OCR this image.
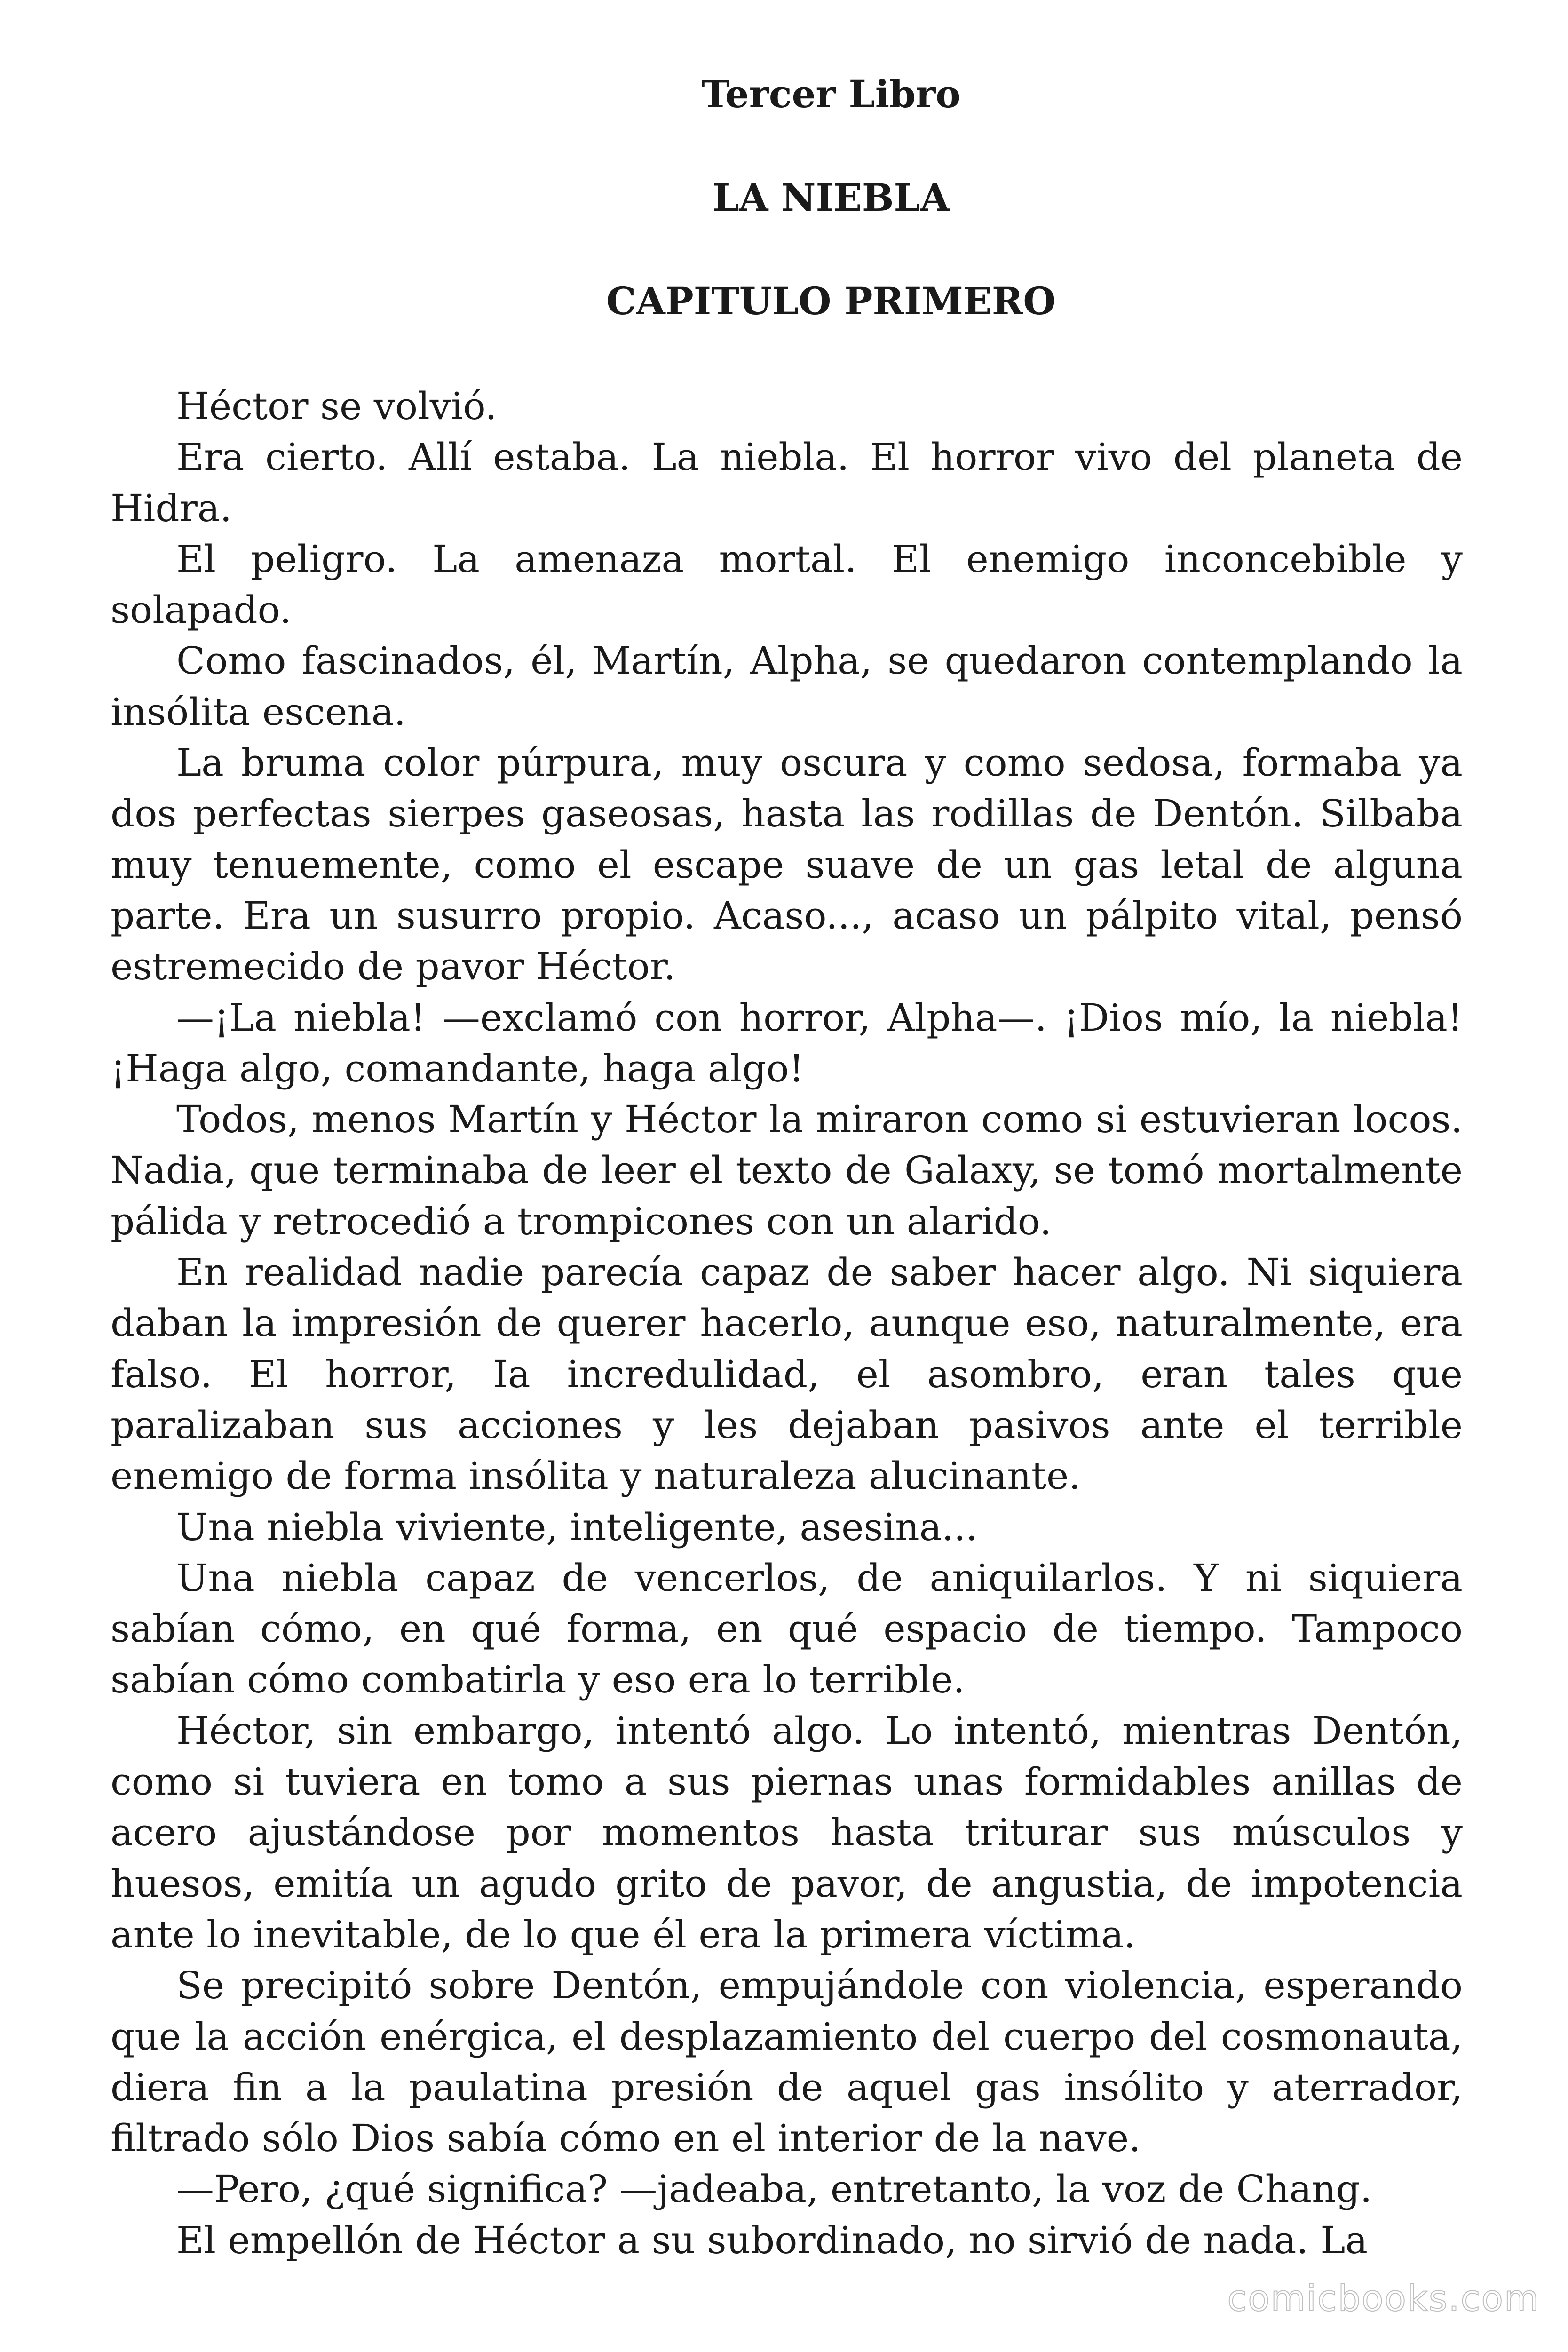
Tercer Libro
LA NIEBLA
CAPITULO PRIMERO

Héctor se volvió.

Era cierto. Allí estaba. La niebla. El horror vivo del planeta de Hidra.

El peligro. La amenaza mortal. El enemigo inconcebible y solapado.

Como fascinados, él, Martín, Alpha, se quedaron contemplando la insólita escena.

La bruma color púrpura, muy oscura y como sedosa, formaba ya dos perfectas sierpes gaseosas, hasta las rodillas de Dentón. Silbaba muy tenuemente, como el escape suave de un gas letal de alguna parte. Era un susurro propio. Acaso..., acaso un pálpito vital, pensó estremecido de pavor Héctor.

—¡La niebla! —exclamó con horror, Alpha—. ¡Dios mío, la niebla! ¡Haga algo, comandante, haga algo!

Todos, menos Martín y Héctor la miraron como si estuvieran locos. Nadia, que terminaba de leer el texto de Galaxy, se tomó mortalmente pálida y retrocedió a trompicones con un alarido.

En realidad nadie parecía capaz de saber hacer algo. Ni siquiera daban la impresión de querer hacerlo, aunque eso, naturalmente, era falso. El horror, Ia incredulidad, el asombro, eran tales que paralizaban sus acciones y les dejaban pasivos ante el terrible enemigo de forma insólita y naturaleza alucinante.

Una niebla viviente, inteligente, asesina...

Una niebla capaz de vencerlos, de aniquilarlos. Y ni siquiera sabían cómo, en qué forma, en qué espacio de tiempo. Tampoco sabían cómo combatirla y eso era lo terrible.

Héctor, sin embargo, intentó algo. Lo intentó, mientras Dentón, como si tuviera en tomo a sus piernas unas formidables anillas de acero ajustándose por momentos hasta triturar sus músculos y huesos, emitía un agudo grito de pavor, de angustia, de impotencia ante lo inevitable, de lo que él era la primera víctima.

Se precipitó sobre Dentón, empujándole con violencia, esperando que la acción enérgica, el desplazamiento del cuerpo del cosmonauta, diera fin a la paulatina presión de aquel gas insólito y aterrador, filtrado sólo Dios sabía cómo en el interior de la nave.

—Pero, ¿qué significa? —jadeaba, entretanto, la voz de Chang.

El empellón de Héctor a su subordinado, no sirvió de nada. La

comicbooks.com
